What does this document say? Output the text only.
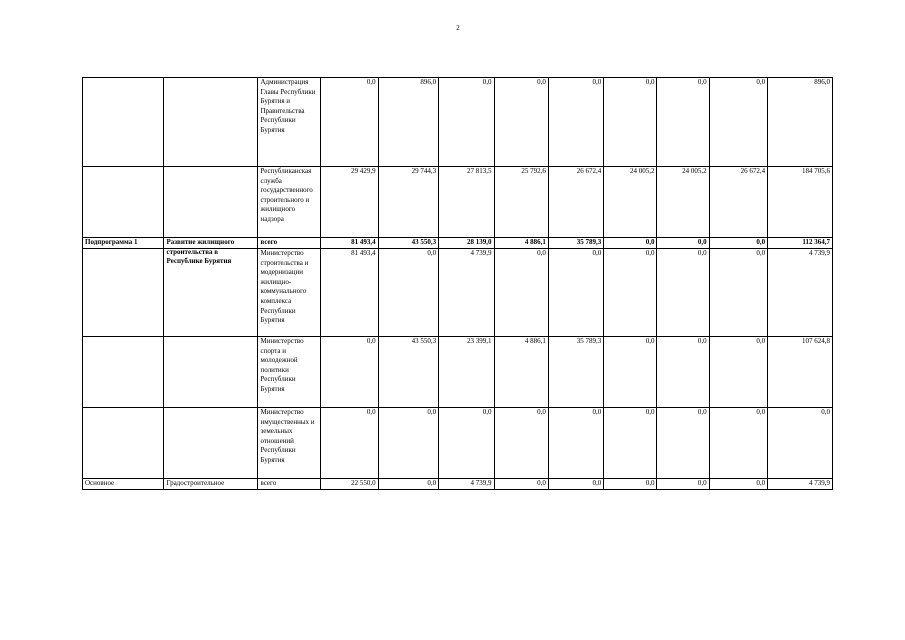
2
		Администрация Главы Республики Бурятия и Правительства Республики Бурятия	0,0	896,0	0,0	0,0	0,0	0,0	0,0	0,0	896,0
		Республиканская служба государственного строительного и жилищного надзора	29 429,9	29 744,3	27 813,5	25 792,6	26 672,4	24 005,2	24 005,2	26 672,4	184 705,6
Подпрограмма 1	Развитие жилищного строительства в Республике Бурятия	всего	81 493,4	43 550,3	28 139,0	4 886,1	35 789,3	0,0	0,0	0,0	112 364,7
		Министерство строительства и модернизации жилищно-коммунального комплекса Республики Бурятия	81 493,4	0,0	4 739,9	0,0	0,0	0,0	0,0	0,0	4 739,9
		Министерство спорта и молодежной политики Республики Бурятия	0,0	43 550,3	23 399,1	4 886,1	35 789,3	0,0	0,0	0,0	107 624,8
		Министерство имущественных и земельных отношений Республики Бурятия	0,0	0,0	0,0	0,0	0,0	0,0	0,0	0,0	0,0
Основное	Градостроительное	всего	22 550,0	0,0	4 739,9	0,0	0,0	0,0	0,0	0,0	4 739,9
